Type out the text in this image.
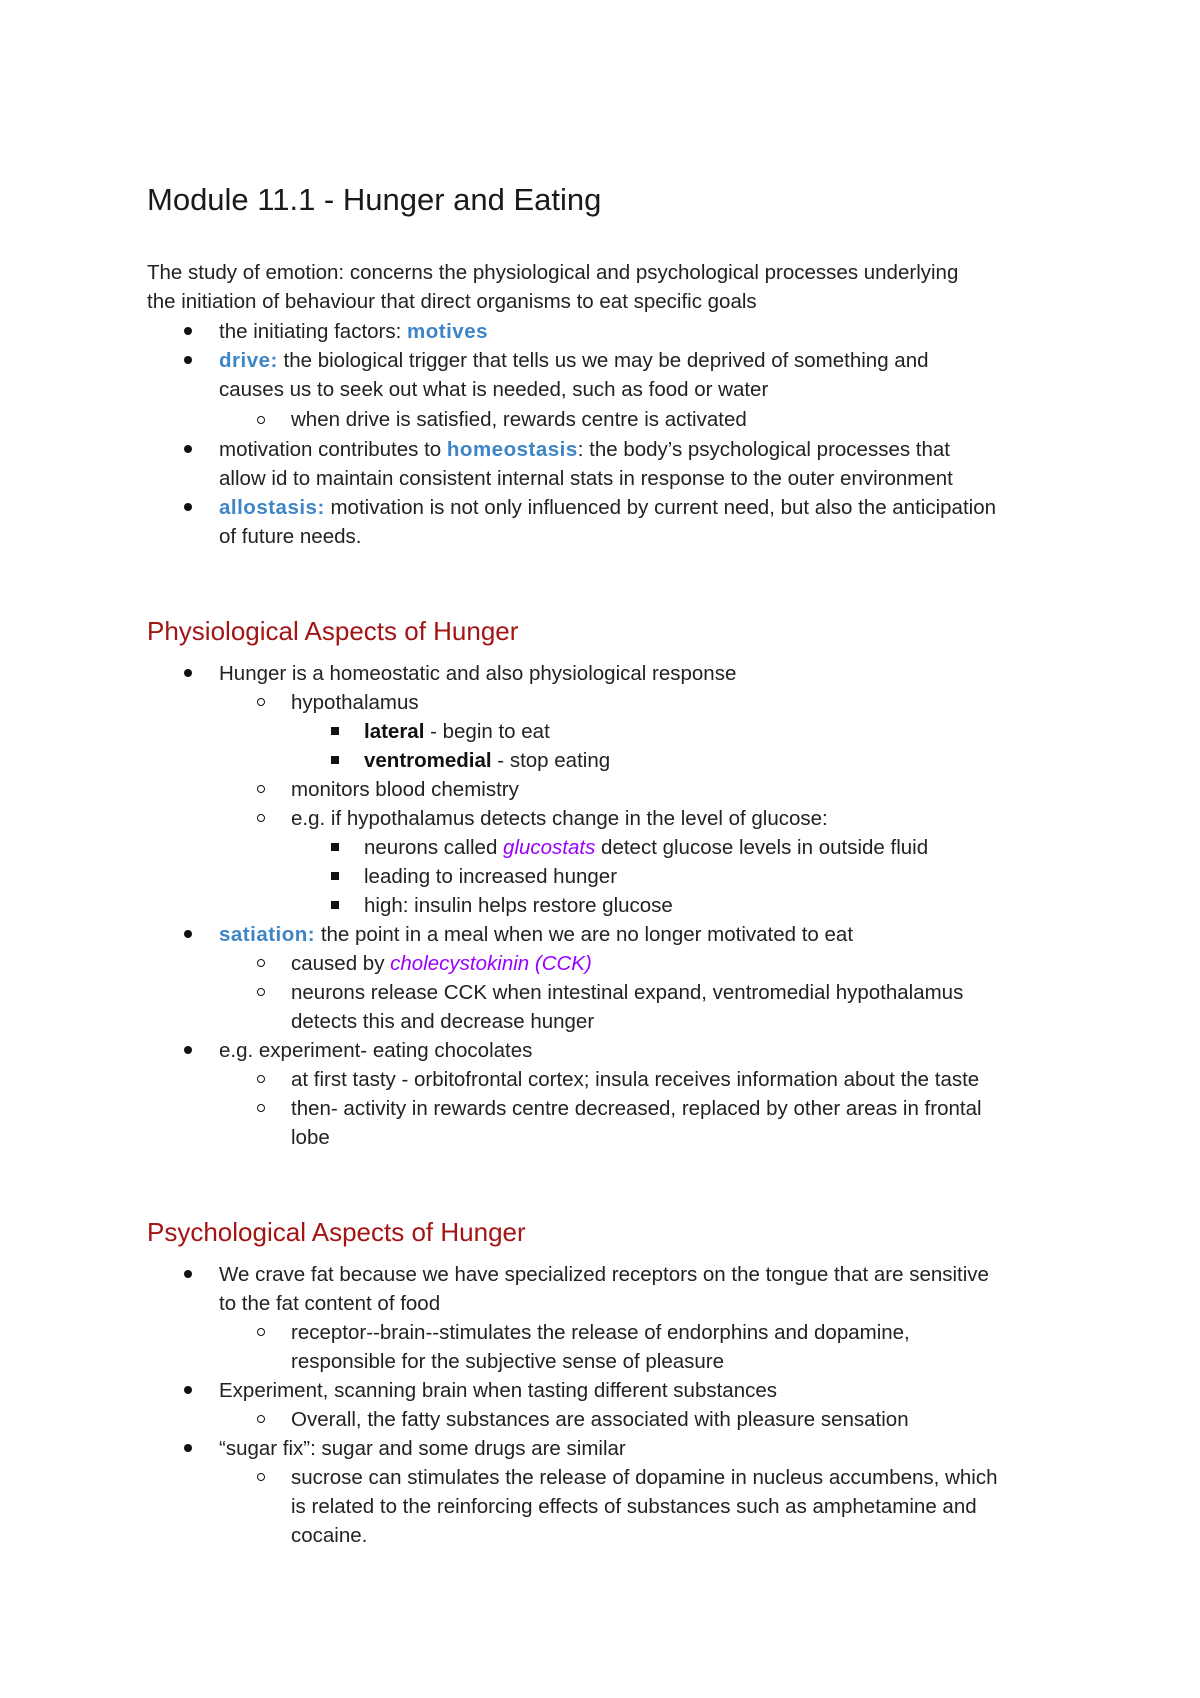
Module 11.1 - Hunger and Eating
The study of emotion: concerns the physiological and psychological processes underlying
the initiation of behaviour that direct organisms to eat specific goals
the initiating factors: motives
drive: the biological trigger that tells us we may be deprived of something and
causes us to seek out what is needed, such as food or water
when drive is satisfied, rewards centre is activated
motivation contributes to homeostasis: the body’s psychological processes that
allow id to maintain consistent internal stats in response to the outer environment
allostasis: motivation is not only influenced by current need, but also the anticipation
of future needs.
Physiological Aspects of Hunger
Hunger is a homeostatic and also physiological response
hypothalamus
lateral - begin to eat
ventromedial - stop eating
monitors blood chemistry
e.g. if hypothalamus detects change in the level of glucose:
neurons called glucostats detect glucose levels in outside fluid
leading to increased hunger
high: insulin helps restore glucose
satiation: the point in a meal when we are no longer motivated to eat
caused by cholecystokinin (CCK)
neurons release CCK when intestinal expand, ventromedial hypothalamus
detects this and decrease hunger
e.g. experiment- eating chocolates
at first tasty - orbitofrontal cortex; insula receives information about the taste
then- activity in rewards centre decreased, replaced by other areas in frontal
lobe
Psychological Aspects of Hunger
We crave fat because we have specialized receptors on the tongue that are sensitive
to the fat content of food
receptor--brain--stimulates the release of endorphins and dopamine,
responsible for the subjective sense of pleasure
Experiment, scanning brain when tasting different substances
Overall, the fatty substances are associated with pleasure sensation
“sugar fix”: sugar and some drugs are similar
sucrose can stimulates the release of dopamine in nucleus accumbens, which
is related to the reinforcing effects of substances such as amphetamine and
cocaine.
